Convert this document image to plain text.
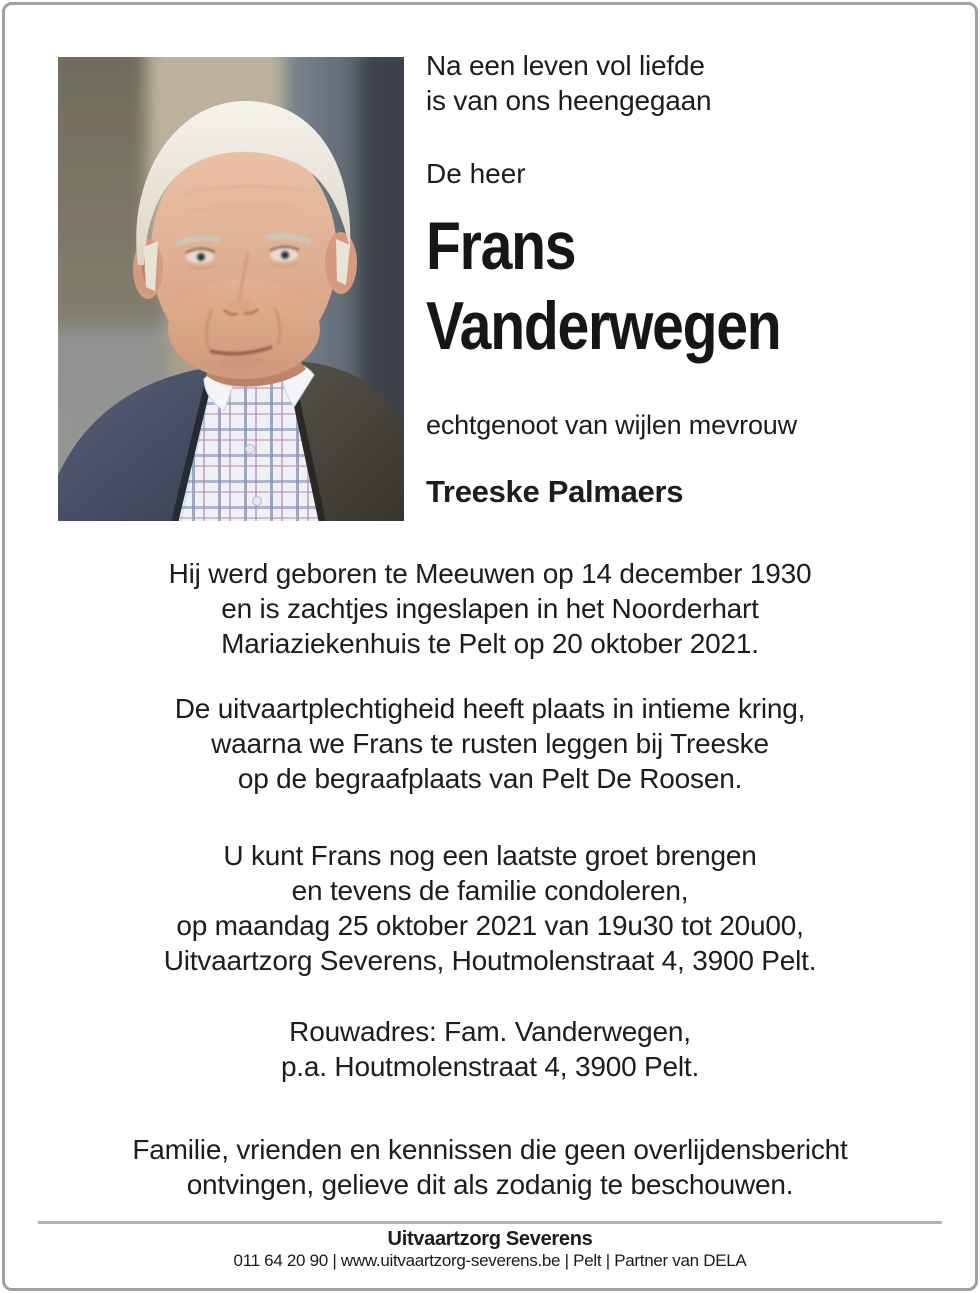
Na een leven vol liefde
is van ons heengegaan
De heer
Frans
Vanderwegen
echtgenoot van wijlen mevrouw
Treeske Palmaers
Hij werd geboren te Meeuwen op 14 december 1930
en is zachtjes ingeslapen in het Noorderhart
Mariaziekenhuis te Pelt op 20 oktober 2021.
De uitvaartplechtigheid heeft plaats in intieme kring,
waarna we Frans te rusten leggen bij Treeske
op de begraafplaats van Pelt De Roosen.
U kunt Frans nog een laatste groet brengen
en tevens de familie condoleren,
op maandag 25 oktober 2021 van 19u30 tot 20u00,
Uitvaartzorg Severens, Houtmolenstraat 4, 3900 Pelt.
Rouwadres: Fam. Vanderwegen,
p.a. Houtmolenstraat 4, 3900 Pelt.
Familie, vrienden en kennissen die geen overlijdensbericht
ontvingen, gelieve dit als zodanig te beschouwen.
Uitvaartzorg Severens
011 64 20 90 | www.uitvaartzorg-severens.be | Pelt | Partner van DELA
